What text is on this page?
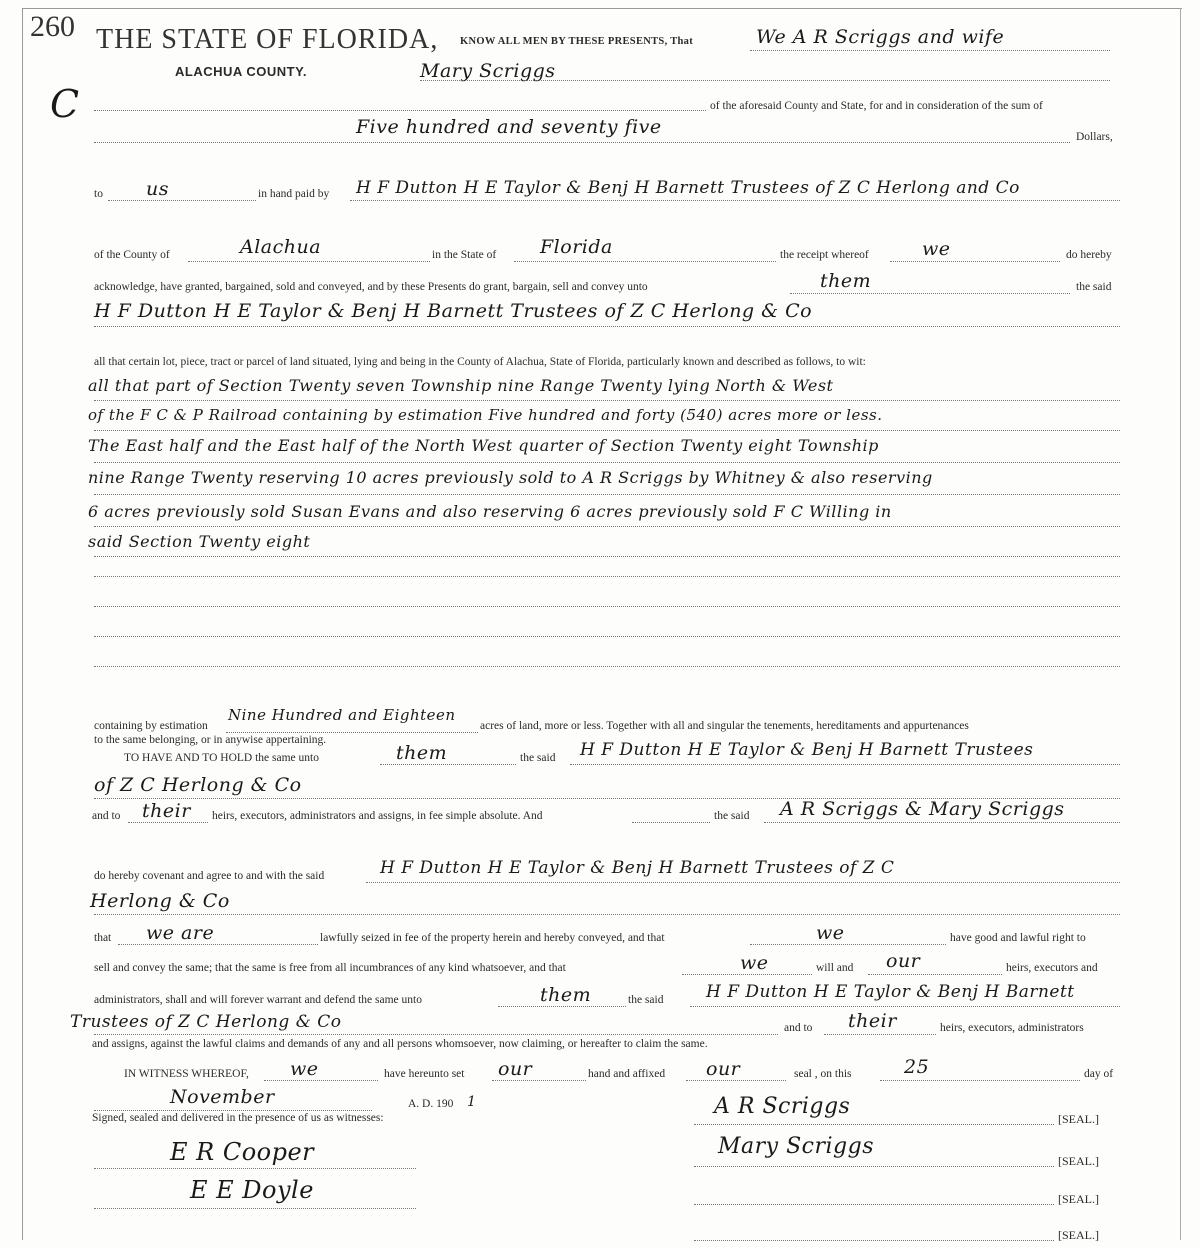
260
C
THE STATE OF FLORIDA,
ALACHUA COUNTY.
KNOW ALL MEN BY THESE PRESENTS, That	We A R Scriggs and wife
Mary Scriggs
of the aforesaid County and State, for and in consideration of the sum of
Five hundred and seventy five	Dollars,
to us	in hand paid by H F Dutton H E Taylor & Benj H Barnett Trustees of Z C Herlong and Co
of the County of	Alachua	in the State of Florida	the receipt whereof	we	do hereby
acknowledge, have granted, bargained, sold and conveyed, and by these Presents do grant, bargain, sell and convey unto	them	the said
H F Dutton H E Taylor & Benj H Barnett Trustees of Z C Herlong & Co
all that certain lot, piece, tract or parcel of land situated, lying and being in the County of Alachua, State of Florida, particularly known and described as follows, to wit:
all that part of Section Twenty seven Township nine Range Twenty lying North & West
of the F C & P Railroad containing by estimation Five hundred and forty (540) acres more or less.
The East half and the East half of the North West quarter of Section Twenty eight Township
nine Range Twenty reserving 10 acres previously sold to A R Scriggs by Whitney & also reserving
6 acres previously sold Susan Evans and also reserving 6 acres previously sold F C Willing in
said Section Twenty eight
containing by estimation
Nine Hundred and Eighteen
acres of land, more or less. Together with all and singular the tenements, hereditaments and appurtenances
to the same belonging, or in anywise appertaining.
TO HAVE AND TO HOLD the same unto	them	the said H F Dutton H E Taylor & Benj H Barnett Trustees
of Z C Herlong & Co
and to their heirs, executors, administrators and assigns, in fee simple absolute. And	the said A R Scriggs & Mary Scriggs
do hereby covenant and agree to and with the said	H F Dutton H E Taylor & Benj H Barnett Trustees of Z C
Herlong & Co
that we are	lawfully seized in fee of the property herein and hereby conveyed, and that	we	have good and lawful right to
sell and convey the same; that the same is free from all incumbrances of any kind whatsoever, and that	we	will and our	heirs, executors and
administrators, shall and will forever warrant and defend the same unto	them	the said	H F Dutton H E Taylor & Benj H Barnett
Trustees of Z C Herlong & Co	and to their	heirs, executors, administrators
and assigns, against the lawful claims and demands of any and all persons whomsoever, now claiming, or hereafter to claim the same.
IN WITNESS WHEREOF, we	have hereunto set our	hand and affixed our	seal , on this	25	day of
November	A. D. 190 1
Signed, sealed and delivered in the presence of us as witnesses:	A R Scriggs	[SEAL.]
Mary Scriggs
[SEAL.]
[SEAL.]
[SEAL.]
E R Cooper
E E Doyle
